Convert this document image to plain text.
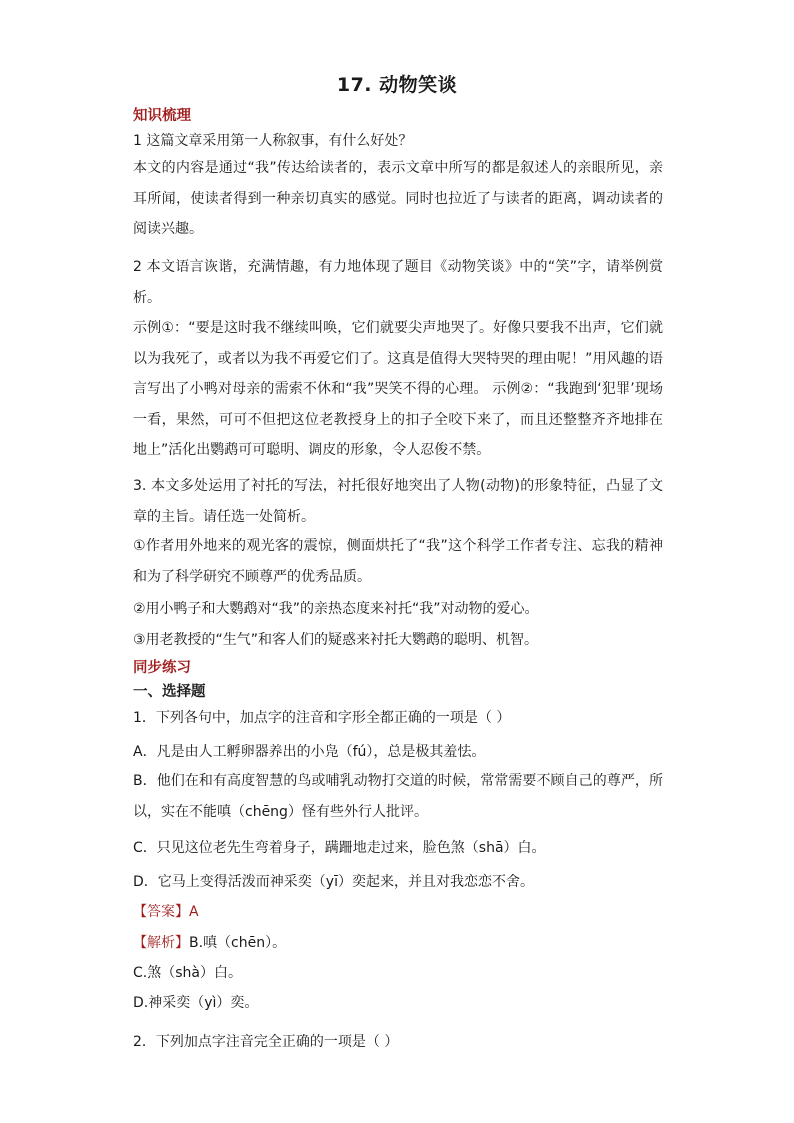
17. 动物笑谈
知识梳理
1 这篇文章采用第一人称叙事，有什么好处？
本文的内容是通过“我”传达给读者的，表示文章中所写的都是叙述人的亲眼所见，亲耳所闻，使读者得到一种亲切真实的感觉。同时也拉近了与读者的距离，调动读者的阅读兴趣。
2 本文语言诙谐，充满情趣，有力地体现了题目《动物笑谈》中的“笑”字，请举例赏析。
示例①：“要是这时我不继续叫唤，它们就要尖声地哭了。好像只要我不出声，它们就以为我死了，或者以为我不再爱它们了。这真是值得大哭特哭的理由呢！”用风趣的语言写出了小鸭对母亲的需索不休和“我”哭笑不得的心理。 示例②：“我跑到‘犯罪’现场一看，果然，可可不但把这位老教授身上的扣子全咬下来了，而且还整整齐齐地排在地上”活化出鹦鹉可可聪明、调皮的形象，令人忍俊不禁。
3. 本文多处运用了衬托的写法，衬托很好地突出了人物(动物)的形象特征，凸显了文章的主旨。请任选一处简析。
①作者用外地来的观光客的震惊，侧面烘托了“我”这个科学工作者专注、忘我的精神和为了科学研究不顾尊严的优秀品质。
②用小鸭子和大鹦鹉对“我”的亲热态度来衬托“我”对动物的爱心。
③用老教授的“生气”和客人们的疑惑来衬托大鹦鹉的聪明、机智。
同步练习
一、选择题
1．下列各句中，加点字的注音和字形全都正确的一项是（ ）
A．凡是由人工孵卵器养出的小凫（fú），总是极其羞怯。
B．他们在和有高度智慧的鸟或哺乳动物打交道的时候，常常需要不顾自己的尊严，所以，实在不能嗔（chēng）怪有些外行人批评。
C．只见这位老先生弯着身子，蹒跚地走过来，脸色煞（shā）白。
D．它马上变得活泼而神采奕（yī）奕起来，并且对我恋恋不舍。
【答案】A
【解析】B.嗔（chēn）。
C.煞（shà）白。
D.神采奕（yì）奕。
2．下列加点字注音完全正确的一项是（ ）
